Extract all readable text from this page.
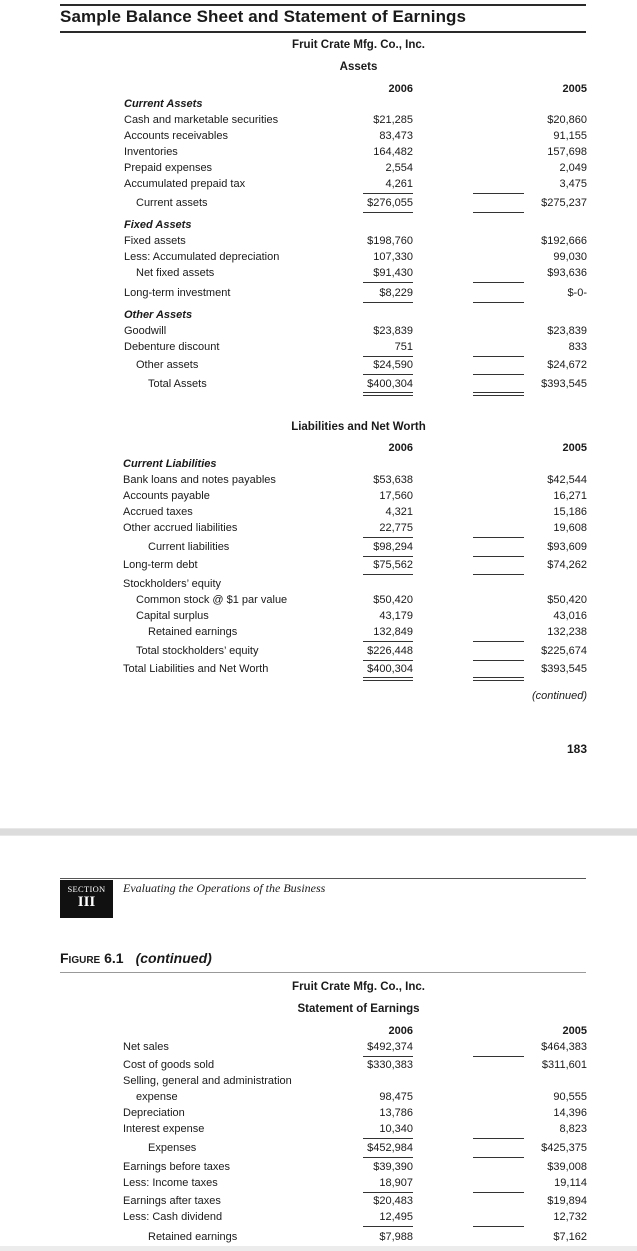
Sample Balance Sheet and Statement of Earnings
Fruit Crate Mfg. Co., Inc.
Assets
2006	2005
Current Assets
Cash and marketable securities	$21,285	$20,860
Accounts receivables	83,473	91,155
Inventories	164,482	157,698
Prepaid expenses	2,554	2,049
Accumulated prepaid tax	4,261	3,475
Current assets	$276,055	$275,237
Fixed Assets
Fixed assets	$198,760	$192,666
Less: Accumulated depreciation	107,330	99,030
Net fixed assets	$91,430	$93,636
Long-term investment	$8,229	$-0-
Other Assets
Goodwill	$23,839	$23,839
Debenture discount	751	833
Other assets	$24,590	$24,672
Total Assets	$400,304	$393,545
Liabilities and Net Worth
2006	2005
Current Liabilities
Bank loans and notes payables	$53,638	$42,544
Accounts payable	17,560	16,271
Accrued taxes	4,321	15,186
Other accrued liabilities	22,775	19,608
Current liabilities	$98,294	$93,609
Long-term debt	$75,562	$74,262
Stockholders’ equity
Common stock @ $1 par value	$50,420	$50,420
Capital surplus	43,179	43,016
Retained earnings	132,849	132,238
Total stockholders’ equity	$226,448	$225,674
Total Liabilities and Net Worth	$400,304	$393,545
(continued)
183
SECTION
III
Evaluating the Operations of the Business
Figure 6.1 (continued)
Fruit Crate Mfg. Co., Inc.
Statement of Earnings
2006	2005
Net sales	$492,374	$464,383
Cost of goods sold	$330,383	$311,601
Selling, general and administration
expense	98,475	90,555
Depreciation	13,786	14,396
Interest expense	10,340	8,823
Expenses	$452,984	$425,375
Earnings before taxes	$39,390	$39,008
Less: Income taxes	18,907	19,114
Earnings after taxes	$20,483	$19,894
Less: Cash dividend	12,495	12,732
Retained earnings	$7,988	$7,162
